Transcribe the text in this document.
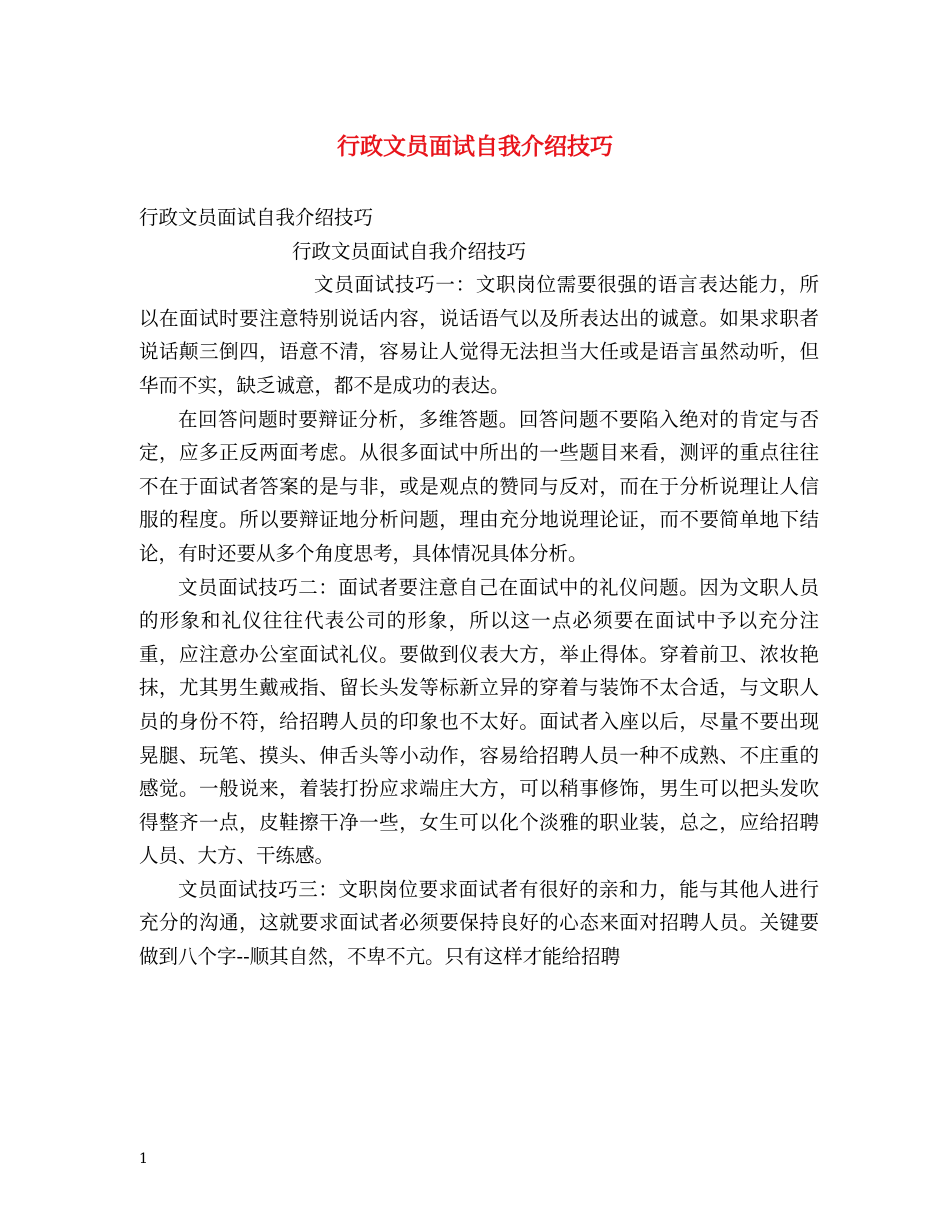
行政文员面试自我介绍技巧

行政文员面试自我介绍技巧

行政文员面试自我介绍技巧

文员面试技巧一：文职岗位需要很强的语言表达能力，所以在面试时要注意特别说话内容，说话语气以及所表达出的诚意。如果求职者说话颠三倒四，语意不清，容易让人觉得无法担当大任或是语言虽然动听，但华而不实，缺乏诚意，都不是成功的表达。

在回答问题时要辩证分析，多维答题。回答问题不要陷入绝对的肯定与否定，应多正反两面考虑。从很多面试中所出的一些题目来看，测评的重点往往不在于面试者答案的是与非，或是观点的赞同与反对，而在于分析说理让人信服的程度。所以要辩证地分析问题，理由充分地说理论证，而不要简单地下结论，有时还要从多个角度思考，具体情况具体分析。

文员面试技巧二：面试者要注意自己在面试中的礼仪问题。因为文职人员的形象和礼仪往往代表公司的形象，所以这一点必须要在面试中予以充分注重，应注意办公室面试礼仪。要做到仪表大方，举止得体。穿着前卫、浓妆艳抹，尤其男生戴戒指、留长头发等标新立异的穿着与装饰不太合适，与文职人员的身份不符，给招聘人员的印象也不太好。面试者入座以后，尽量不要出现晃腿、玩笔、摸头、伸舌头等小动作，容易给招聘人员一种不成熟、不庄重的感觉。一般说来，着装打扮应求端庄大方，可以稍事修饰，男生可以把头发吹得整齐一点，皮鞋擦干净一些，女生可以化个淡雅的职业装，总之，应给招聘人员、大方、干练感。

文员面试技巧三：文职岗位要求面试者有很好的亲和力，能与其他人进行充分的沟通，这就要求面试者必须要保持良好的心态来面对招聘人员。关键要做到八个字--顺其自然，不卑不亢。只有这样才能给招聘

1
